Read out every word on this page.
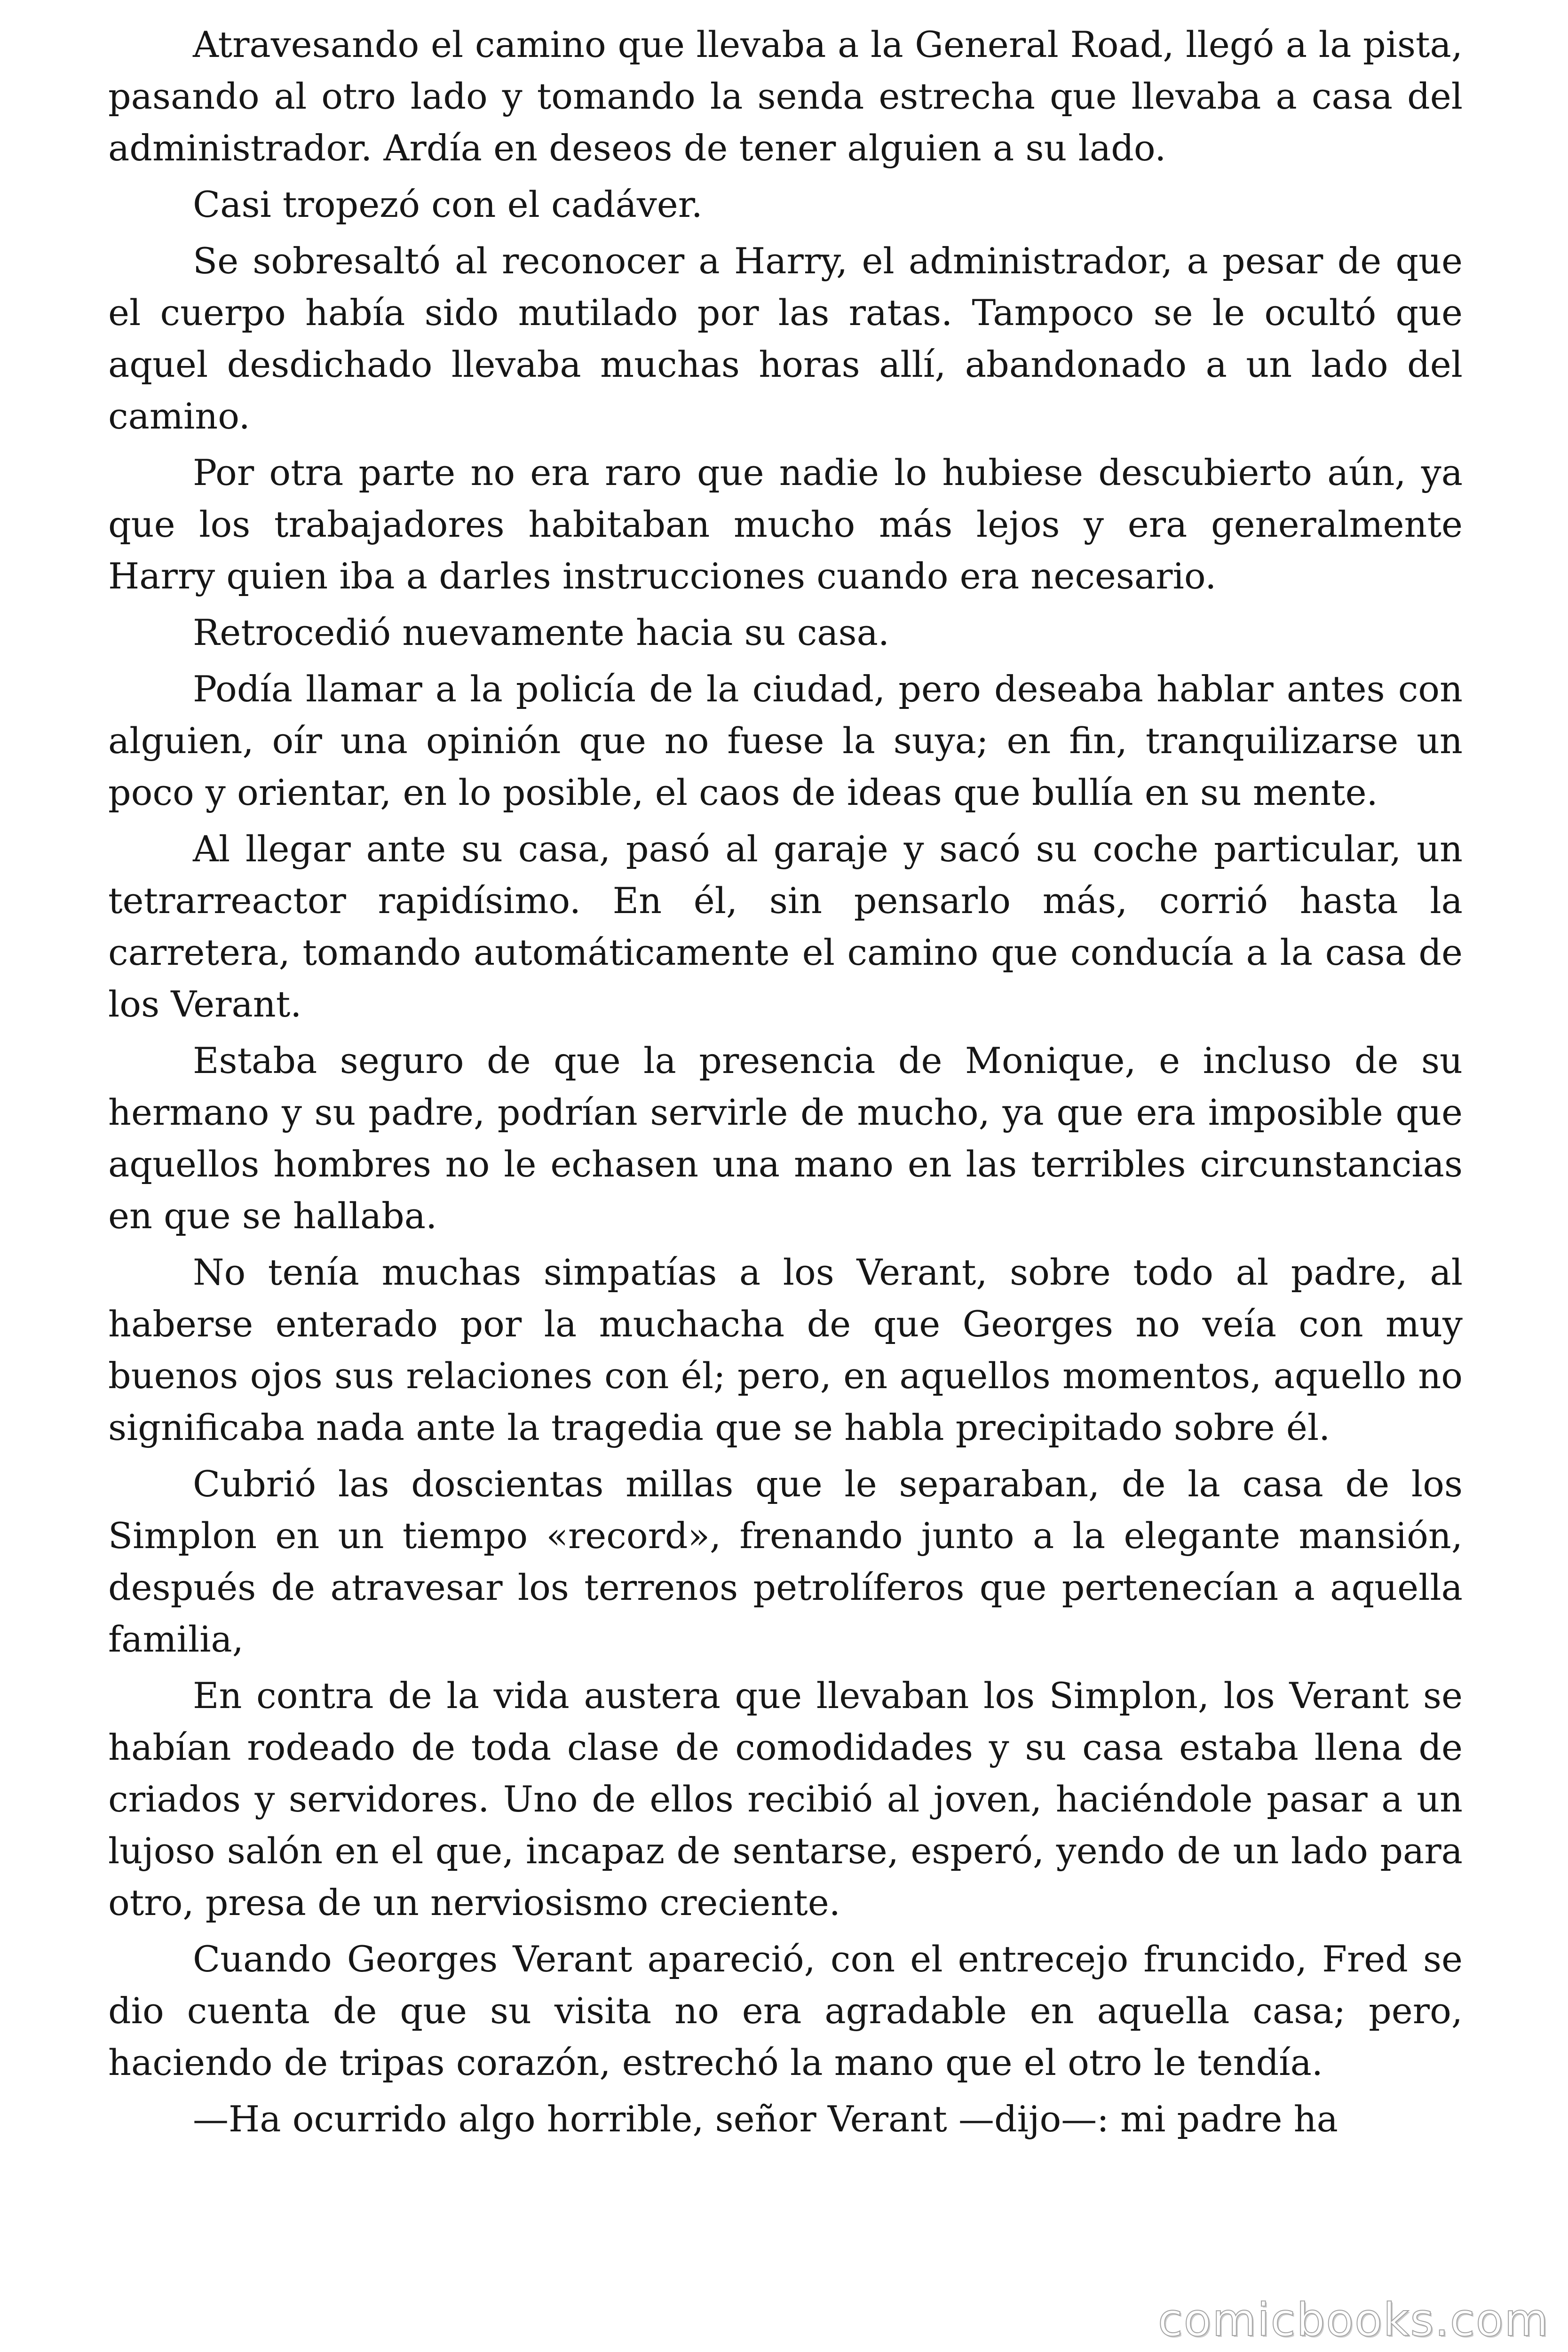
Atravesando el camino que llevaba a la General Road, llegó a la pista, pasando al otro lado y tomando la senda estrecha que llevaba a casa del administrador. Ardía en deseos de tener alguien a su lado.

Casi tropezó con el cadáver.

Se sobresaltó al reconocer a Harry, el administrador, a pesar de que el cuerpo había sido mutilado por las ratas. Tampoco se le ocultó que aquel desdichado llevaba muchas horas allí, abandonado a un lado del camino.

Por otra parte no era raro que nadie lo hubiese descubierto aún, ya que los trabajadores habitaban mucho más lejos y era generalmente Harry quien iba a darles instrucciones cuando era necesario.

Retrocedió nuevamente hacia su casa.

Podía llamar a la policía de la ciudad, pero deseaba hablar antes con alguien, oír una opinión que no fuese la suya; en fin, tranquilizarse un poco y orientar, en lo posible, el caos de ideas que bullía en su mente.

Al llegar ante su casa, pasó al garaje y sacó su coche particular, un tetrarreactor rapidísimo. En él, sin pensarlo más, corrió hasta la carretera, tomando automáticamente el camino que conducía a la casa de los Verant.

Estaba seguro de que la presencia de Monique, e incluso de su hermano y su padre, podrían servirle de mucho, ya que era imposible que aquellos hombres no le echasen una mano en las terribles circunstancias en que se hallaba.

No tenía muchas simpatías a los Verant, sobre todo al padre, al haberse enterado por la muchacha de que Georges no veía con muy buenos ojos sus relaciones con él; pero, en aquellos momentos, aquello no significaba nada ante la tragedia que se habla precipitado sobre él.

Cubrió las doscientas millas que le separaban, de la casa de los Simplon en un tiempo «record», frenando junto a la elegante mansión, después de atravesar los terrenos petrolíferos que pertenecían a aquella familia,

En contra de la vida austera que llevaban los Simplon, los Verant se habían rodeado de toda clase de comodidades y su casa estaba llena de criados y servidores. Uno de ellos recibió al joven, haciéndole pasar a un lujoso salón en el que, incapaz de sentarse, esperó, yendo de un lado para otro, presa de un nerviosismo creciente.

Cuando Georges Verant apareció, con el entrecejo fruncido, Fred se dio cuenta de que su visita no era agradable en aquella casa; pero, haciendo de tripas corazón, estrechó la mano que el otro le tendía.

—Ha ocurrido algo horrible, señor Verant —dijo—: mi padre ha

comicbooks.com
